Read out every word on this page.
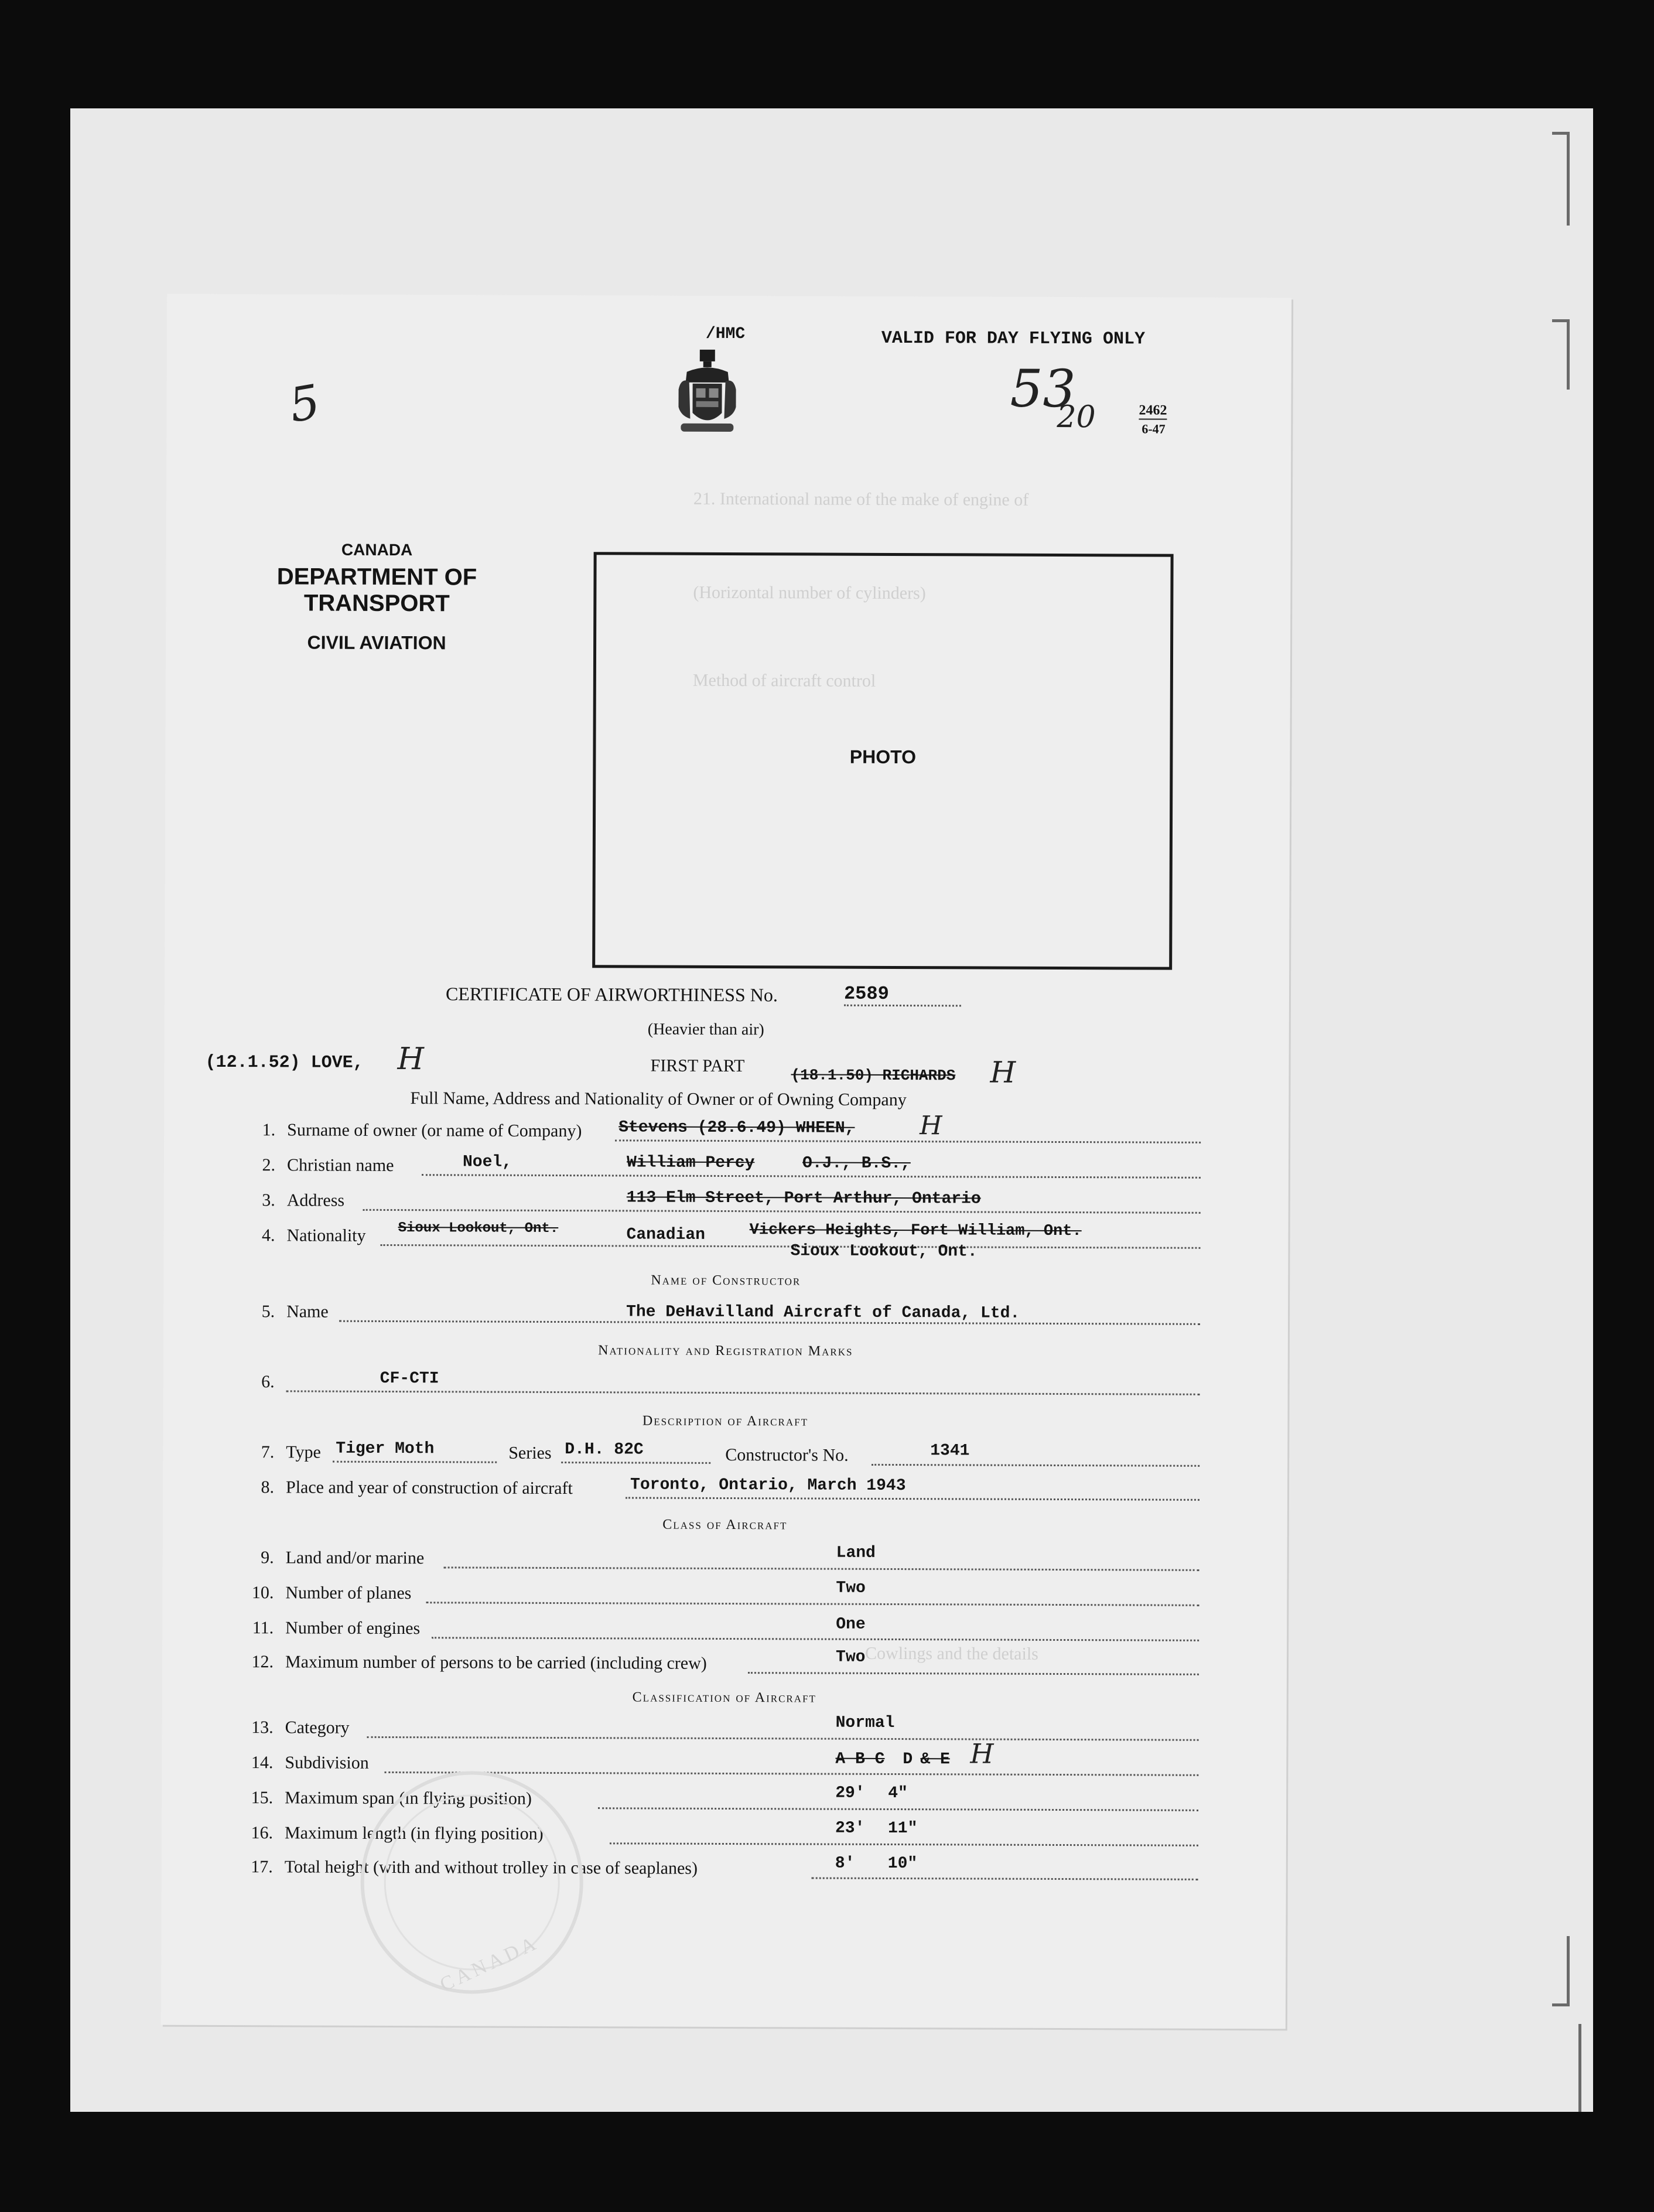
21. International name of the make of engine of
(Horizontal number of cylinders)
Method of aircraft control
Cowlings and the details
/HMC	VALID FOR DAY FLYING ONLY
53
20	2462
6-47
5
CANADA
DEPARTMENT OF
TRANSPORT
CIVIL AVIATION
PHOTO
CERTIFICATE OF AIRWORTHINESS No.	2589
(Heavier than air)
(12.1.52) LOVE, H	FIRST PART	(18.1.50) RICHARDS H
Full Name, Address and Nationality of Owner or of Owning Company
1. Surname of owner (or name of Company) Stevens (28.6.49) WHEEN,	H
2. Christian name	Noel,	William Percy	O.J., B.S.,
3. Address	113 Elm Street, Port Arthur, Ontario
4. Nationality Sioux Lookout, Ont.	Canadian	Vickers Heights, Fort William, Ont.
Sioux Lookout, Ont.
Name of Constructor
5. Name	The DeHavilland Aircraft of Canada, Ltd.
Nationality and Registration Marks
6.	CF-CTI
Description of Aircraft
7. Type Tiger Moth	Series D.H. 82C	Constructor's No.	1341
8. Place and year of construction of aircraft	Toronto, Ontario, March 1943
Class of Aircraft
9. Land and/or marine	Land
10. Number of planes	Two
11. Number of engines	One
12. Maximum number of persons to be carried (including crew)	Two
Classification of Aircraft
13. Category	Normal
14. Subdivision	A B C D & E H
15. Maximum span (in flying position)	29' 4"
16. Maximum length (in flying position)	23' 11"
17. Total height (with and without trolley in case of seaplanes)	8' 10"
CANADA
